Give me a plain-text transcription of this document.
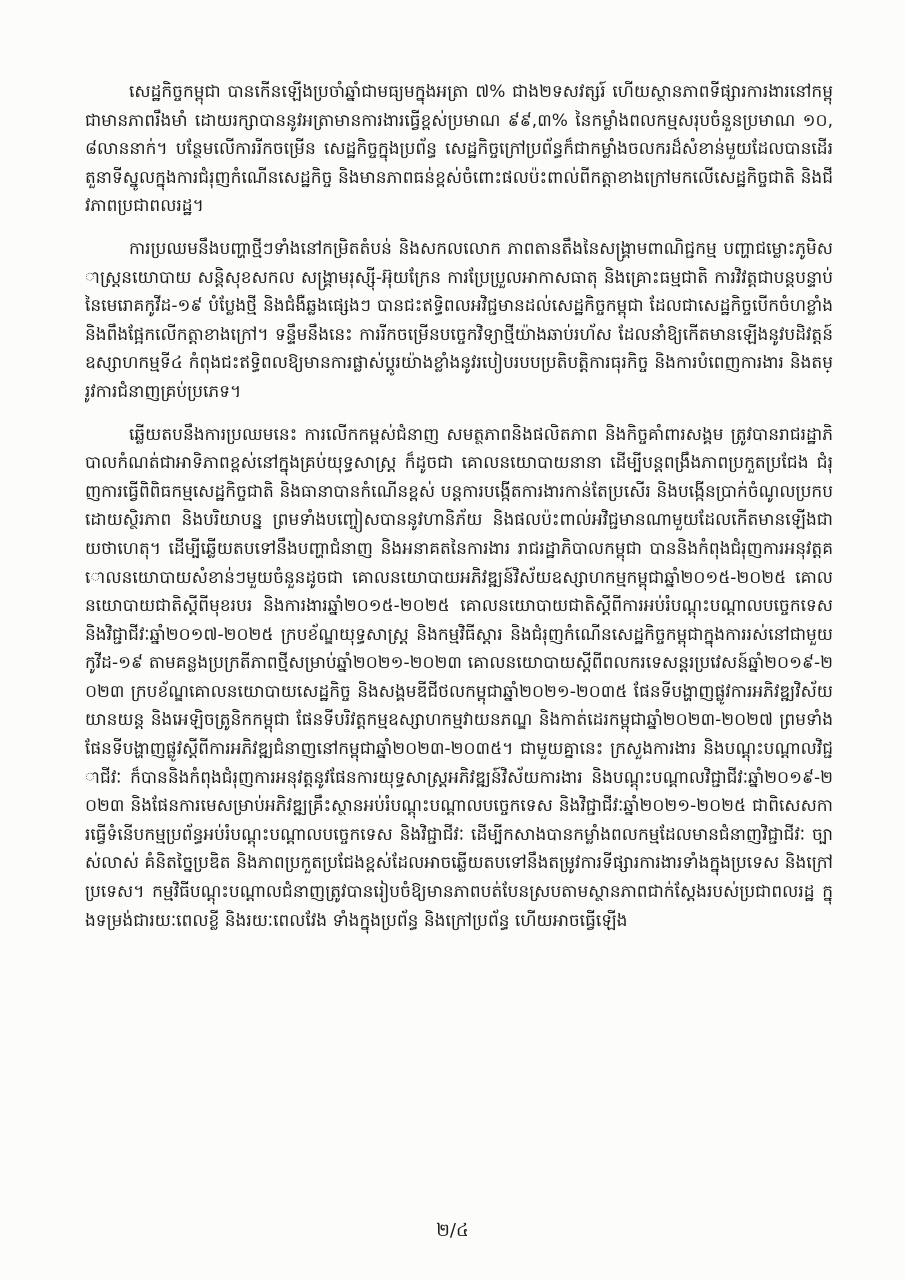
សេដ្ឋកិច្ចកម្ពុជា បានកើនឡើងប្រចាំឆ្នាំជាមធ្យមក្នុងអត្រា ៧% ជាង២ទសវត្សរ៍ ហើយស្ថានភាពទីផ្សារការងារនៅកម្ពុជាមានភាពរឹងមាំ ដោយរក្សាបាននូវអត្រាមានការងារធ្វើខ្ពស់ប្រមាណ ៩៩,៣% នៃកម្លាំងពលកម្មសរុបចំនួនប្រមាណ ១០,៨លាននាក់។ បន្ថែមលើការរីកចម្រើន សេដ្ឋកិច្ចក្នុងប្រព័ន្ធ សេដ្ឋកិច្ចក្រៅប្រព័ន្ធក៏ជាកម្លាំងចលករដ៏សំខាន់មួយដែលបានដើរតួនាទីស្នូលក្នុងការជំរុញកំណើនសេដ្ឋកិច្ច និងមានភាពធន់ខ្ពស់ចំពោះផលប៉ះពាល់ពីកត្តាខាងក្រៅមកលើសេដ្ឋកិច្ចជាតិ និងជីវភាពប្រជាពលរដ្ឋ។

ការប្រឈមនឹងបញ្ហាថ្មីៗទាំងនៅកម្រិតតំបន់ និងសកលលោក ភាពតានតឹងនៃសង្គ្រាមពាណិជ្ជកម្ម បញ្ហាជម្លោះភូមិសាស្ត្រនយោបាយ សន្តិសុខសកល សង្គ្រាមរុស្ស៊ី-អ៊ុយក្រែន ការប្រែប្រួលអាកាសធាតុ និងគ្រោះធម្មជាតិ ការវិវត្តជាបន្តបន្ទាប់នៃមេរោគកូវីដ-១៩ បំប្លែងថ្មី និងជំងឺឆ្លងផ្សេងៗ បានជះឥទ្ធិពលអវិជ្ជមានដល់សេដ្ឋកិច្ចកម្ពុជា ដែលជាសេដ្ឋកិច្ចបើកចំហខ្លាំង និងពឹងផ្អែកលើកត្តាខាងក្រៅ។ ទន្ទឹមនឹងនេះ ការរីកចម្រើនបច្ចេកវិទ្យាថ្មីយ៉ាងឆាប់រហ័ស ដែលនាំឱ្យកើតមានឡើងនូវបដិវត្តន៍ឧស្សាហកម្មទី៤ កំពុងជះឥទ្ធិពលឱ្យមានការផ្លាស់ប្តូរយ៉ាងខ្លាំងនូវរបៀបរបបប្រតិបត្តិការធុរកិច្ច និងការបំពេញការងារ និងតម្រូវការជំនាញគ្រប់ប្រភេទ។

ឆ្លើយតបនឹងការប្រឈមនេះ ការលើកកម្ពស់ជំនាញ សមត្ថភាពនិងផលិតភាព និងកិច្ចគាំពារសង្គម ត្រូវបានរាជរដ្ឋាភិបាលកំណត់ជាអាទិភាពខ្ពស់នៅក្នុងគ្រប់យុទ្ធសាស្ត្រ ក៏ដូចជា គោលនយោបាយនានា ដើម្បីបន្តពង្រឹងភាពប្រកួតប្រជែង ជំរុញការធ្វើពិពិធកម្មសេដ្ឋកិច្ចជាតិ និងធានាបានកំណើនខ្ពស់ បន្តការបង្កើតការងារកាន់តែប្រសើរ និងបង្កើនប្រាក់ចំណូលប្រកបដោយស្ថិរភាព និងបរិយាបន្ន ព្រមទាំងបញ្ចៀសបាននូវហានិភ័យ និងផលប៉ះពាល់អវិជ្ជមានណាមួយដែលកើតមានឡើងជាយថាហេតុ។ ដើម្បីឆ្លើយតបទៅនឹងបញ្ហាជំនាញ និងអនាគតនៃការងារ រាជរដ្ឋាភិបាលកម្ពុជា បាននិងកំពុងជំរុញការអនុវត្តគោលនយោបាយសំខាន់ៗមួយចំនួនដូចជា គោលនយោបាយអភិវឌ្ឍន៍វិស័យឧស្សាហកម្មកម្ពុជាឆ្នាំ២០១៥-២០២៥ គោលនយោបាយជាតិស្តីពីមុខរបរ និងការងារឆ្នាំ២០១៥-២០២៥ គោលនយោបាយជាតិស្តីពីការអប់រំបណ្តុះបណ្តាលបច្ចេកទេស និងវិជ្ជាជីវៈឆ្នាំ២០១៧-២០២៥ ក្របខ័ណ្ឌយុទ្ធសាស្ត្រ និងកម្មវិធីស្តារ និងជំរុញកំណើនសេដ្ឋកិច្ចកម្ពុជាក្នុងការរស់នៅជាមួយកូវីដ-១៩ តាមគន្លងប្រក្រតីភាពថ្មីសម្រាប់ឆ្នាំ២០២១-២០២៣ គោលនយោបាយស្តីពីពលករទេសន្តរប្រវេសន៍ឆ្នាំ២០១៩-២០២៣ ក្របខ័ណ្ឌគោលនយោបាយសេដ្ឋកិច្ច និងសង្គមឌីជីថលកម្ពុជាឆ្នាំ២០២១-២០៣៥ ផែនទីបង្ហាញផ្លូវការអភិវឌ្ឍវិស័យយានយន្ត និងអេឡិចត្រូនិកកម្ពុជា ផែនទីបរិវត្តកម្មឧស្សាហកម្មវាយនភណ្ឌ និងកាត់ដេរកម្ពុជាឆ្នាំ២០២៣-២០២៧ ព្រមទាំងផែនទីបង្ហាញផ្លូវស្តីពីការអភិវឌ្ឍជំនាញនៅកម្ពុជាឆ្នាំ២០២៣-២០៣៥។ ជាមួយគ្នានេះ ក្រសួងការងារ និងបណ្តុះបណ្តាលវិជ្ជាជីវៈ ក៏បាននិងកំពុងជំរុញការអនុវត្តនូវផែនការយុទ្ធសាស្ត្រអភិវឌ្ឍន៍វិស័យការងារ និងបណ្តុះបណ្តាលវិជ្ជាជីវៈឆ្នាំ២០១៩-២០២៣ និងផែនការមេសម្រាប់អភិវឌ្ឍគ្រឹះស្ថានអប់រំបណ្តុះបណ្តាលបច្ចេកទេស និងវិជ្ជាជីវៈឆ្នាំ២០២១-២០២៥ ជាពិសេសការធ្វើទំនើបកម្មប្រព័ន្ធអប់រំបណ្តុះបណ្តាលបច្ចេកទេស និងវិជ្ជាជីវៈ ដើម្បីកសាងបានកម្លាំងពលកម្មដែលមានជំនាញវិជ្ជាជីវៈ ច្បាស់លាស់ គំនិតច្នៃប្រឌិត និងភាពប្រកួតប្រជែងខ្ពស់ដែលអាចឆ្លើយតបទៅនឹងតម្រូវការទីផ្សារការងារទាំងក្នុងប្រទេស និងក្រៅប្រទេស។ កម្មវិធីបណ្តុះបណ្តាលជំនាញត្រូវបានរៀបចំឱ្យមានភាពបត់បែនស្របតាមស្ថានភាពជាក់ស្តែងរបស់ប្រជាពលរដ្ឋ ក្នុងទម្រង់ជារយៈពេលខ្លី និងរយៈពេលវែង ទាំងក្នុងប្រព័ន្ធ និងក្រៅប្រព័ន្ធ ហើយអាចធ្វើឡើង

២/៤
